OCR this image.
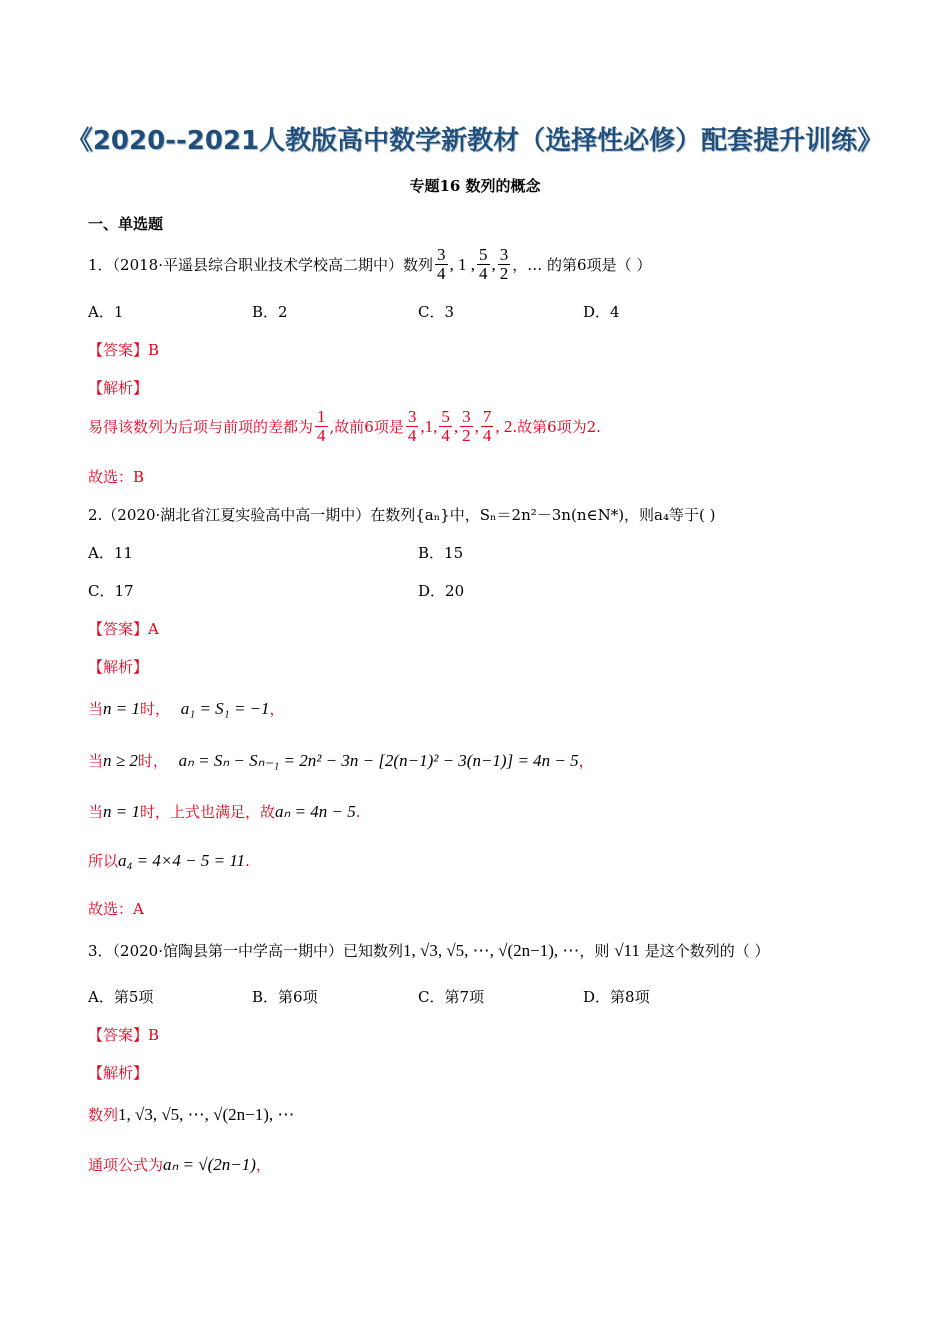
《2020--2021人教版高中数学新教材（选择性必修）配套提升训练》
专题16 数列的概念
一、单选题
1．（2018·平遥县综合职业技术学校高二期中）数列 $\frac{3}{4}$ , 1 , $\frac{5}{4}$ , $\frac{3}{2}$ ，… 的第6项是（ ）
A．1	B．2	C．3	D．4
【答案】B
【解析】
易得该数列为后项与前项的差都为 $\frac{1}{4}$ ,故前6项是 $\frac{3}{4} ,1$, $\frac{5}{4}$ , $\frac{3}{2}$ , $\frac{7}{4}$ , 2 .故第6项为2.
故选：B
2.（2020·湖北省江夏实验高中高一期中）在数列{aₙ}中，Sₙ＝2n²－3n(n∈N*)，则a₄等于( )
A．11	B．15
C．17	D．20
【答案】A
【解析】
当n = 1时， a₁ = S₁ = −1，
当n ≥ 2时， aₙ = Sₙ − Sₙ₋₁ = 2n² − 3n − [2(n−1)² − 3(n−1)] = 4n − 5，
当n = 1时，上式也满足，故aₙ = 4n − 5.
所以a₄ = 4×4 − 5 = 11.
故选：A
3．（2020·馆陶县第一中学高一期中）已知数列1, √3, √5, ⋯, √(2n−1), ⋯，则 √11 是这个数列的（ ）
A．第5项	B．第6项	C．第7项	D．第8项
【答案】B
【解析】
数列1, √3, √5, ⋯, √(2n−1), ⋯
通项公式为aₙ = √(2n−1)，
